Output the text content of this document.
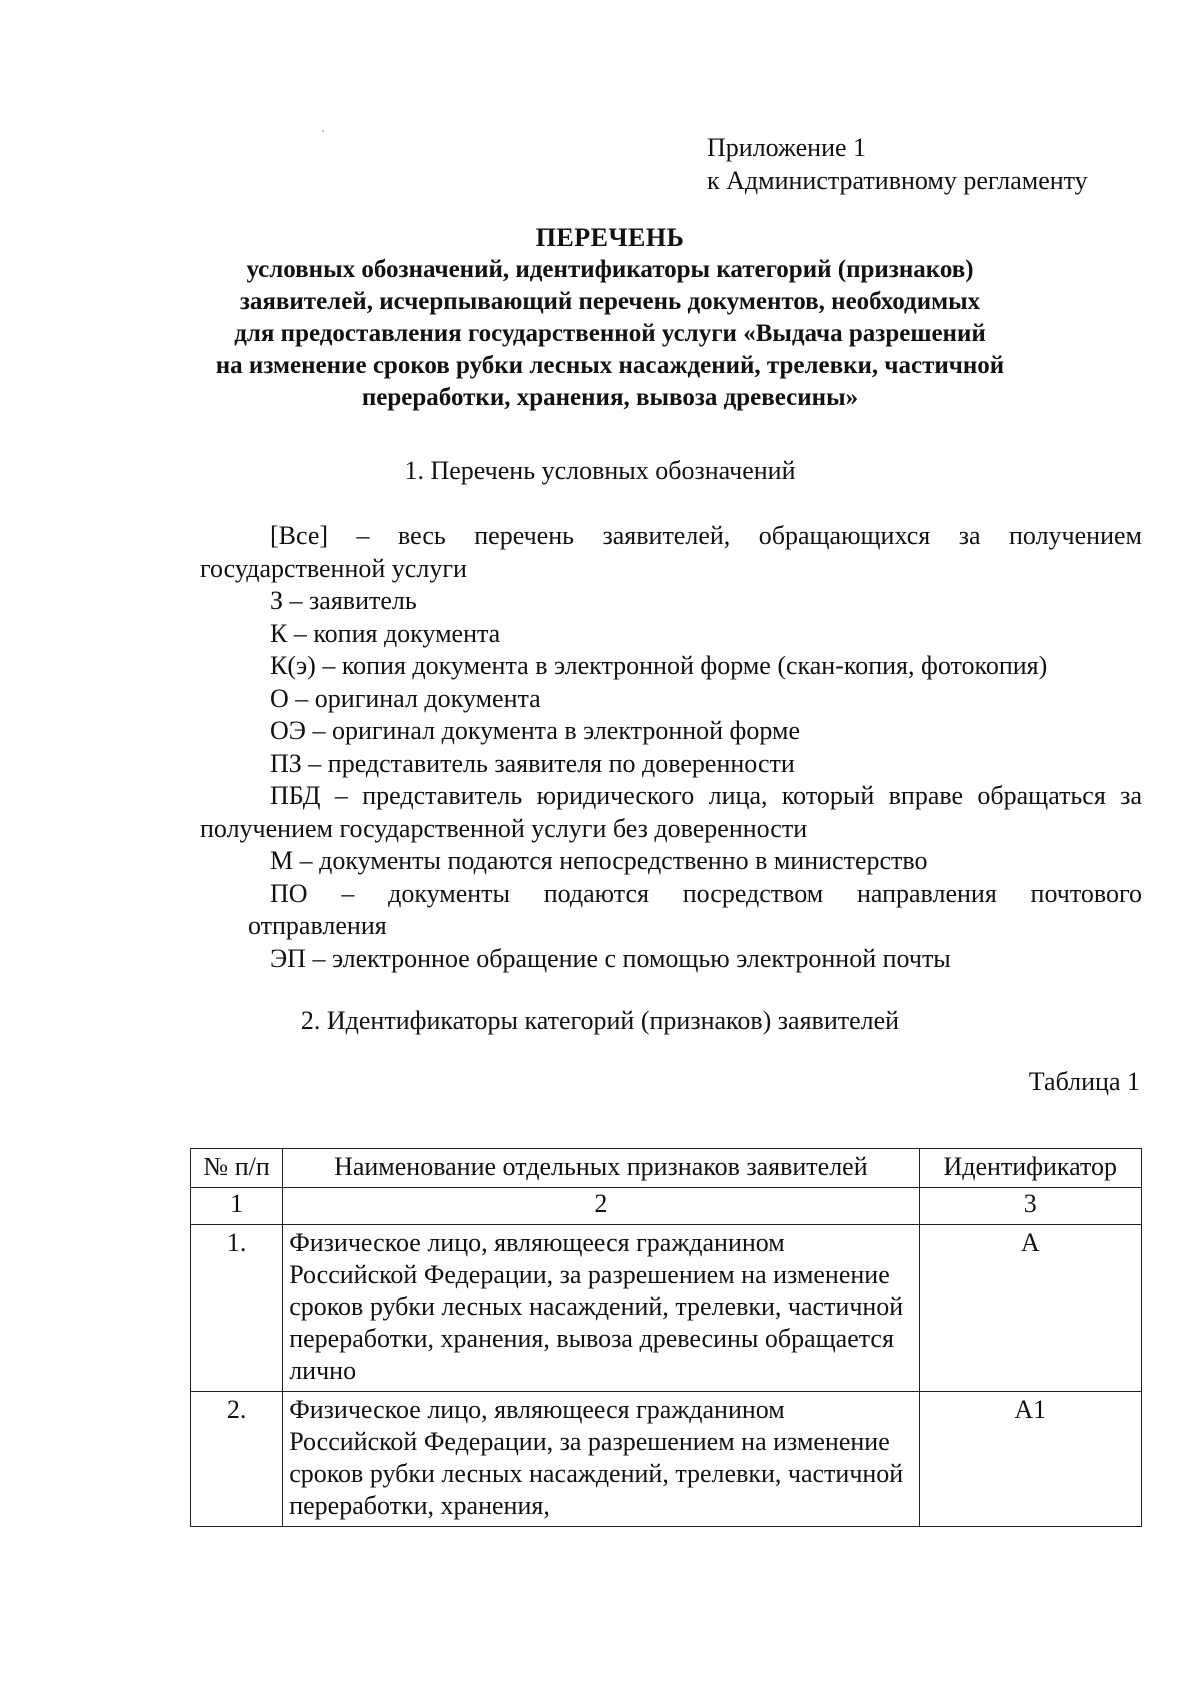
Приложение 1
к Административному регламенту
ПЕРЕЧЕНЬ
условных обозначений, идентификаторы категорий (признаков)
заявителей, исчерпывающий перечень документов, необходимых
для предоставления государственной услуги «Выдача разрешений
на изменение сроков рубки лесных насаждений, трелевки, частичной
переработки, хранения, вывоза древесины»
1. Перечень условных обозначений

[Все] – весь перечень заявителей, обращающихся за получением государственной услуги

З – заявитель

К – копия документа

К(э) – копия документа в электронной форме (скан-копия, фотокопия)

О – оригинал документа

ОЭ – оригинал документа в электронной форме

ПЗ – представитель заявителя по доверенности

ПБД – представитель юридического лица, который вправе обращаться за получением государственной услуги без доверенности

М – документы подаются непосредственно в министерство

ПО – документы подаются посредством направления почтового

отправления

ЭП – электронное обращение с помощью электронной почты

2. Идентификаторы категорий (признаков) заявителей
Таблица 1
№ п/п	Наименование отдельных признаков заявителей	Идентификатор
1	2	3
1.	Физическое лицо, являющееся гражданином Российской Федерации, за разрешением на изменение сроков рубки лесных насаждений, трелевки, частичной переработки, хранения, вывоза древесины обращается лично	А
2.	Физическое лицо, являющееся гражданином Российской Федерации, за разрешением на изменение сроков рубки лесных насаждений, трелевки, частичной переработки, хранения,	А1
